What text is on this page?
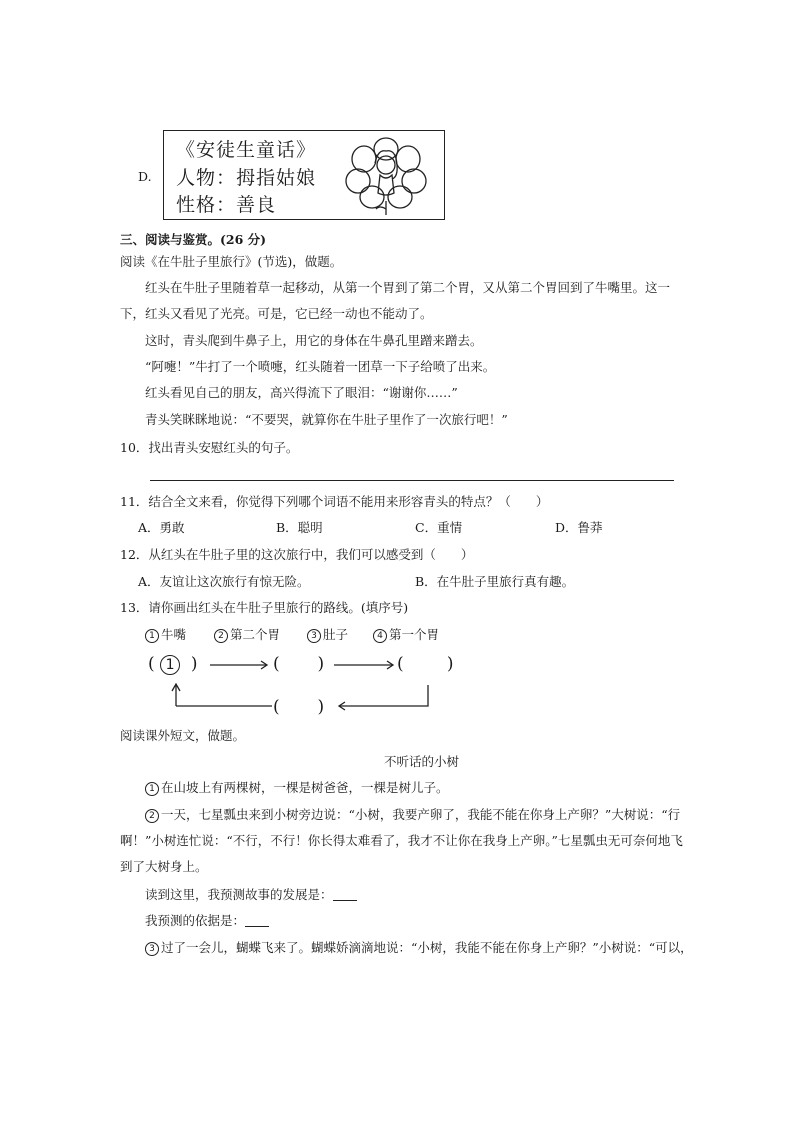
D.
《安徒生童话》
人物：拇指姑娘
性格：善良
三、阅读与鉴赏。(26 分)
阅读《在牛肚子里旅行》(节选)，做题。
红头在牛肚子里随着草一起移动，从第一个胃到了第二个胃，又从第二个胃回到了牛嘴里。这一
下，红头又看见了光亮。可是，它已经一动也不能动了。
这时，青头爬到牛鼻子上，用它的身体在牛鼻孔里蹭来蹭去。
“阿嚏！”牛打了一个喷嚏，红头随着一团草一下子给喷了出来。
红头看见自己的朋友，高兴得流下了眼泪：“谢谢你……”
青头笑眯眯地说：“不要哭，就算你在牛肚子里作了一次旅行吧！”
10．找出青头安慰红头的句子。
11．结合全文来看，你觉得下列哪个词语不能用来形容青头的特点？（　　）
A．勇敢	B．聪明	C．重情	D．鲁莽
12．从红头在牛肚子里的这次旅行中，我们可以感受到（　　）
A．友谊让这次旅行有惊无险。	B．在牛肚子里旅行真有趣。
13．请你画出红头在牛肚子里旅行的路线。(填序号)
1 牛嘴	2 第二个胃	3 肚子	4 第一个胃
( 1  )	(       )	(        )
(       )
阅读课外短文，做题。
不听话的小树
1 在山坡上有两棵树，一棵是树爸爸，一棵是树儿子。
2 一天，七星瓢虫来到小树旁边说：“小树，我要产卵了，我能不能在你身上产卵？”大树说：“行
啊！”小树连忙说：“不行，不行！你长得太难看了，我才不让你在我身上产卵。”七星瓢虫无可奈何地飞
到了大树身上。
读到这里，我预测故事的发展是：
我预测的依据是：
3 过了一会儿，蝴蝶飞来了。蝴蝶娇滴滴地说：“小树，我能不能在你身上产卵？”小树说：“可以，
